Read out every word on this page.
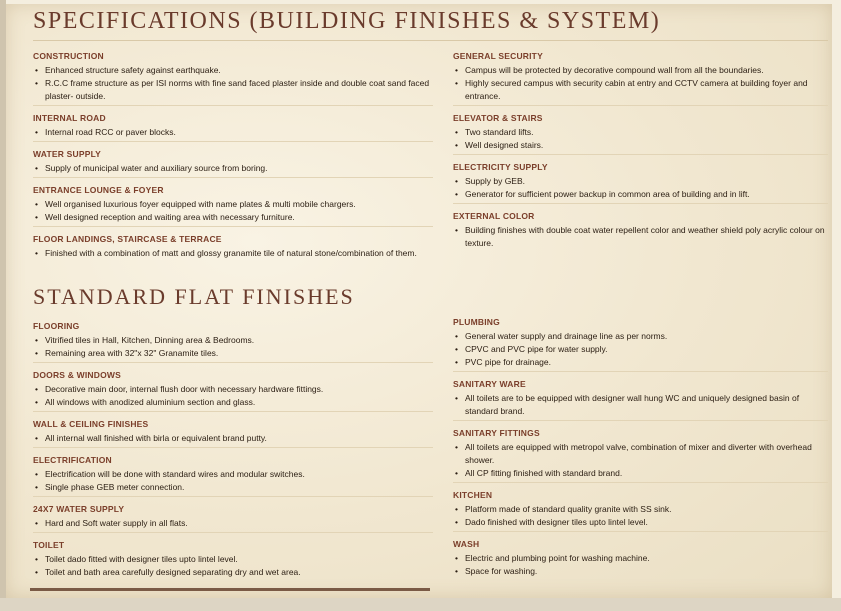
SPECIFICATIONS (BUILDING FINISHES & SYSTEM)
CONSTRUCTION
• Enhanced structure safety against earthquake.
• R.C.C frame structure as per ISI norms with fine sand faced plaster inside and double coat sand faced plaster- outside.
INTERNAL ROAD
• Internal road RCC or paver blocks.
WATER SUPPLY
• Supply of municipal water and auxiliary source from boring.
ENTRANCE LOUNGE & FOYER
• Well organised luxurious foyer equipped with name plates & multi mobile chargers.
• Well designed reception and waiting area with necessary furniture.
FLOOR LANDINGS, STAIRCASE & TERRACE
• Finished with a combination of matt and glossy granamite tile of natural stone/combination of them.
GENERAL SECURITY
• Campus will be protected by decorative compound wall from all the boundaries.
• Highly secured campus with security cabin at entry and CCTV camera at building foyer and entrance.
ELEVATOR & STAIRS
• Two standard lifts.
• Well designed stairs.
ELECTRICITY SUPPLY
• Supply by GEB.
• Generator for sufficient power backup in common area of building and in lift.
EXTERNAL COLOR
• Building finishes with double coat water repellent color and weather shield poly acrylic colour on texture.
STANDARD FLAT FINISHES
FLOORING
• Vitrified tiles in Hall, Kitchen, Dinning area & Bedrooms.
• Remaining area with 32"x 32" Granamite tiles.
DOORS & WINDOWS
• Decorative main door, internal flush door with necessary hardware fittings.
• All windows with anodized aluminium section and glass.
WALL & CEILING FINISHES
• All internal wall finished with birla or equivalent brand putty.
ELECTRIFICATION
• Electrification will be done with standard wires and modular switches.
• Single phase GEB meter connection.
24X7 WATER SUPPLY
• Hard and Soft water supply in all flats.
TOILET
• Toilet dado fitted with designer tiles upto lintel level.
• Toilet and bath area carefully designed separating dry and wet area.
PLUMBING
• General water supply and drainage line as per norms.
• CPVC and PVC pipe for water supply.
• PVC pipe for drainage.
SANITARY WARE
• All toilets are to be equipped with designer wall hung WC and uniquely designed basin of standard brand.
SANITARY FITTINGS
• All toilets are equipped with metropol valve, combination of mixer and diverter with overhead shower.
• All CP fitting finished with standard brand.
KITCHEN
• Platform made of standard quality granite with SS sink.
• Dado finished with designer tiles upto lintel level.
WASH
• Electric and plumbing point for washing machine.
• Space for washing.
